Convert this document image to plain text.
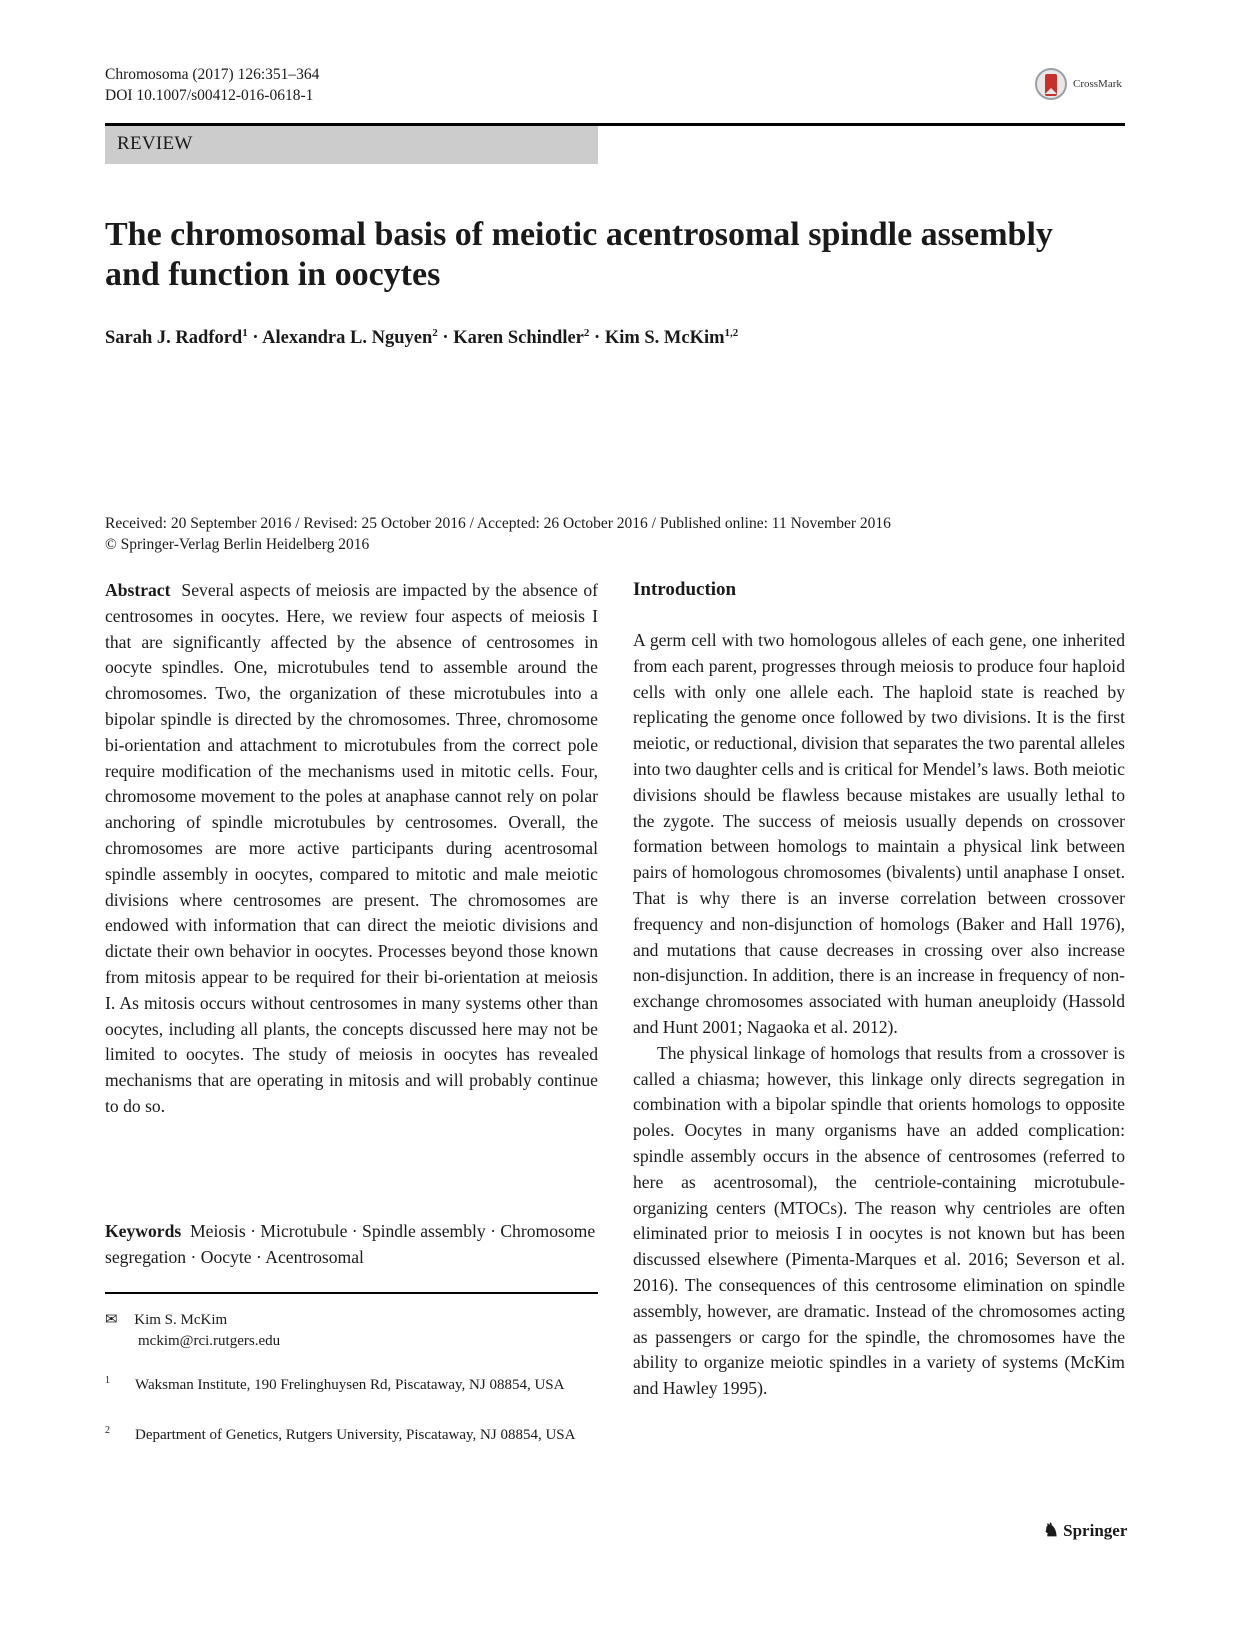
Chromosoma (2017) 126:351–364
DOI 10.1007/s00412-016-0618-1
CrossMark
REVIEW
The chromosomal basis of meiotic acentrosomal spindle assembly and function in oocytes
Sarah J. Radford$^1$ · Alexandra L. Nguyen$^2$ · Karen Schindler$^2$ · Kim S. McKim$^{1,2}$
Received: 20 September 2016 / Revised: 25 October 2016 / Accepted: 26 October 2016 / Published online: 11 November 2016
© Springer-Verlag Berlin Heidelberg 2016
Abstract Several aspects of meiosis are impacted by the absence of centrosomes in oocytes. Here, we review four aspects of meiosis I that are significantly affected by the absence of centrosomes in oocyte spindles. One, microtubules tend to assemble around the chromosomes. Two, the organization of these microtubules into a bipolar spindle is directed by the chromosomes. Three, chromosome bi-orientation and attachment to microtubules from the correct pole require modification of the mechanisms used in mitotic cells. Four, chromosome movement to the poles at anaphase cannot rely on polar anchoring of spindle microtubules by centrosomes. Overall, the chromosomes are more active participants during acentrosomal spindle assembly in oocytes, compared to mitotic and male meiotic divisions where centrosomes are present. The chromosomes are endowed with information that can direct the meiotic divisions and dictate their own behavior in oocytes. Processes beyond those known from mitosis appear to be required for their bi-orientation at meiosis I. As mitosis occurs without centrosomes in many systems other than oocytes, including all plants, the concepts discussed here may not be limited to oocytes. The study of meiosis in oocytes has revealed mechanisms that are operating in mitosis and will probably continue to do so.
Keywords Meiosis · Microtubule · Spindle assembly · Chromosome segregation · Oocyte · Acentrosomal
✉ Kim S. McKim
mckim@rci.rutgers.edu
1	Waksman Institute, 190 Frelinghuysen Rd, Piscataway, NJ 08854, USA
2	Department of Genetics, Rutgers University, Piscataway, NJ 08854, USA
Introduction

A germ cell with two homologous alleles of each gene, one inherited from each parent, progresses through meiosis to produce four haploid cells with only one allele each. The haploid state is reached by replicating the genome once followed by two divisions. It is the first meiotic, or reductional, division that separates the two parental alleles into two daughter cells and is critical for Mendel’s laws. Both meiotic divisions should be flawless because mistakes are usually lethal to the zygote. The success of meiosis usually depends on crossover formation between homologs to maintain a physical link between pairs of homologous chromosomes (bivalents) until anaphase I onset. That is why there is an inverse correlation between crossover frequency and non-disjunction of homologs (Baker and Hall 1976), and mutations that cause decreases in crossing over also increase non-disjunction. In addition, there is an increase in frequency of non-exchange chromosomes associated with human aneuploidy (Hassold and Hunt 2001; Nagaoka et al. 2012).

The physical linkage of homologs that results from a crossover is called a chiasma; however, this linkage only directs segregation in combination with a bipolar spindle that orients homologs to opposite poles. Oocytes in many organisms have an added complication: spindle assembly occurs in the absence of centrosomes (referred to here as acentrosomal), the centriole-containing microtubule-organizing centers (MTOCs). The reason why centrioles are often eliminated prior to meiosis I in oocytes is not known but has been discussed elsewhere (Pimenta-Marques et al. 2016; Severson et al. 2016). The consequences of this centrosome elimination on spindle assembly, however, are dramatic. Instead of the chromosomes acting as passengers or cargo for the spindle, the chromosomes have the ability to organize meiotic spindles in a variety of systems (McKim and Hawley 1995).

♞ Springer
